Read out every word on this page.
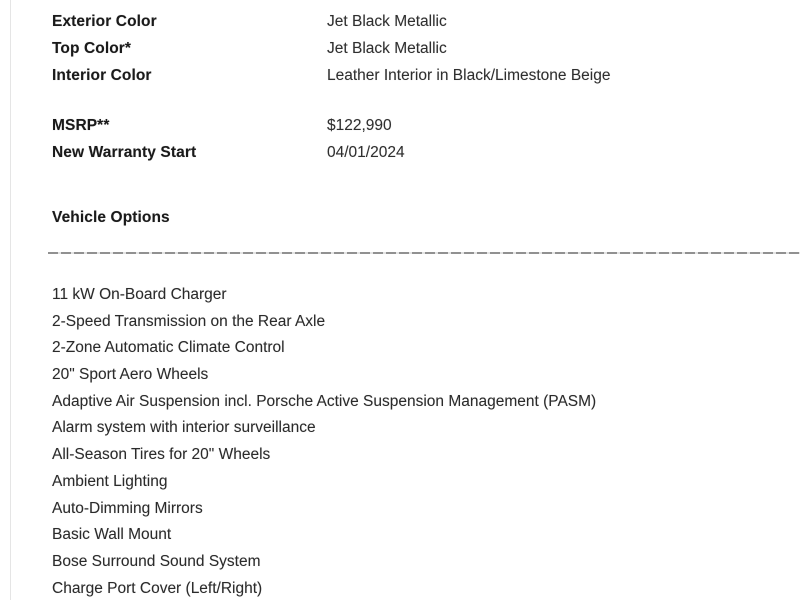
Exterior Color	Jet Black Metallic
Top Color*	Jet Black Metallic
Interior Color	Leather Interior in Black/Limestone Beige
MSRP**	$122,990
New Warranty Start	04/01/2024
Vehicle Options
11 kW On-Board Charger
2-Speed Transmission on the Rear Axle
2-Zone Automatic Climate Control
20" Sport Aero Wheels
Adaptive Air Suspension incl. Porsche Active Suspension Management (PASM)
Alarm system with interior surveillance
All-Season Tires for 20" Wheels
Ambient Lighting
Auto-Dimming Mirrors
Basic Wall Mount
Bose Surround Sound System
Charge Port Cover (Left/Right)
